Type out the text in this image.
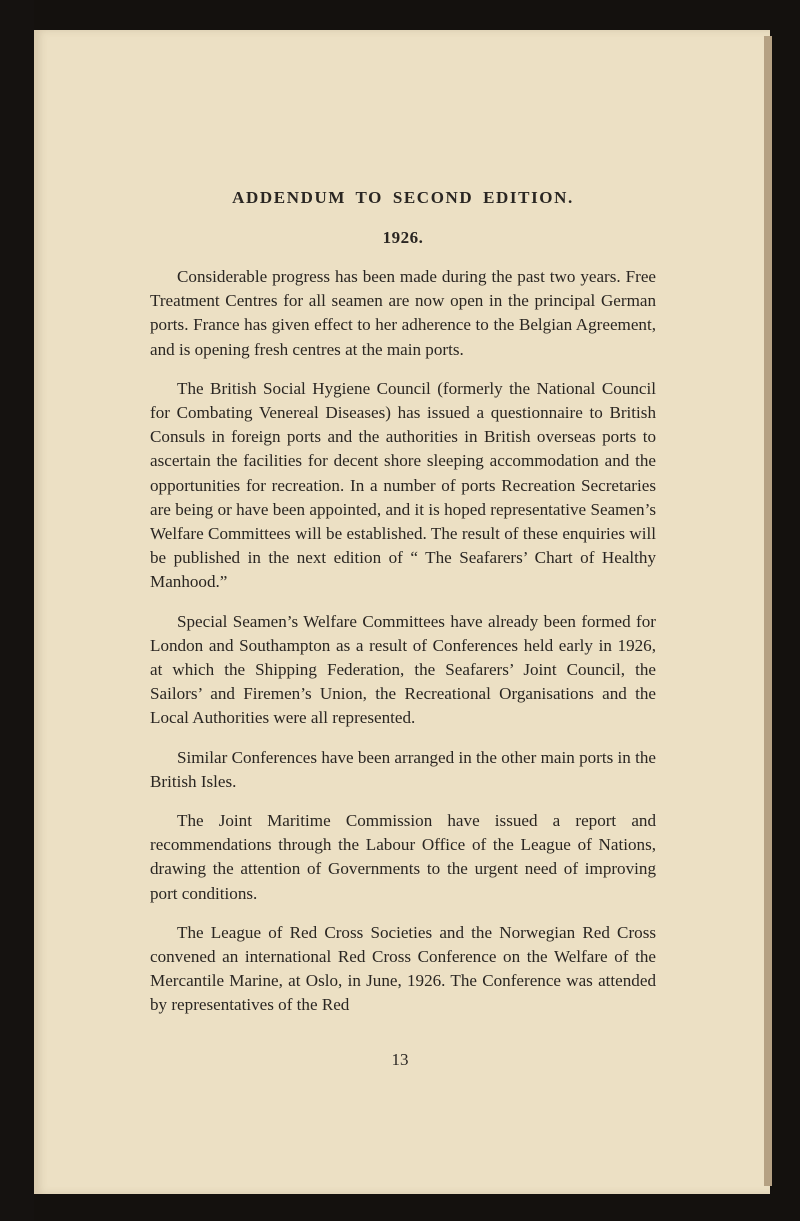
ADDENDUM TO SECOND EDITION.
1926.

Considerable progress has been made during the past two years. Free Treatment Centres for all seamen are now open in the principal German ports. France has given effect to her adherence to the Belgian Agreement, and is opening fresh centres at the main ports.

The British Social Hygiene Council (formerly the National Council for Combating Venereal Diseases) has issued a questionnaire to British Consuls in foreign ports and the authorities in British overseas ports to ascertain the facilities for decent shore sleeping accommodation and the opportunities for recreation. In a number of ports Recreation Secretaries are being or have been appointed, and it is hoped representative Seamen’s Welfare Committees will be established. The result of these enquiries will be published in the next edition of “ The Seafarers’ Chart of Healthy Manhood.”

Special Seamen’s Welfare Committees have already been formed for London and Southampton as a result of Conferences held early in 1926, at which the Shipping Federation, the Seafarers’ Joint Council, the Sailors’ and Firemen’s Union, the Recreational Organisations and the Local Authorities were all represented.

Similar Conferences have been arranged in the other main ports in the British Isles.

The Joint Maritime Commission have issued a report and recommendations through the Labour Office of the League of Nations, drawing the attention of Governments to the urgent need of improving port conditions.

The League of Red Cross Societies and the Norwegian Red Cross convened an international Red Cross Conference on the Welfare of the Mercantile Marine, at Oslo, in June, 1926. The Conference was attended by representatives of the Red

13
